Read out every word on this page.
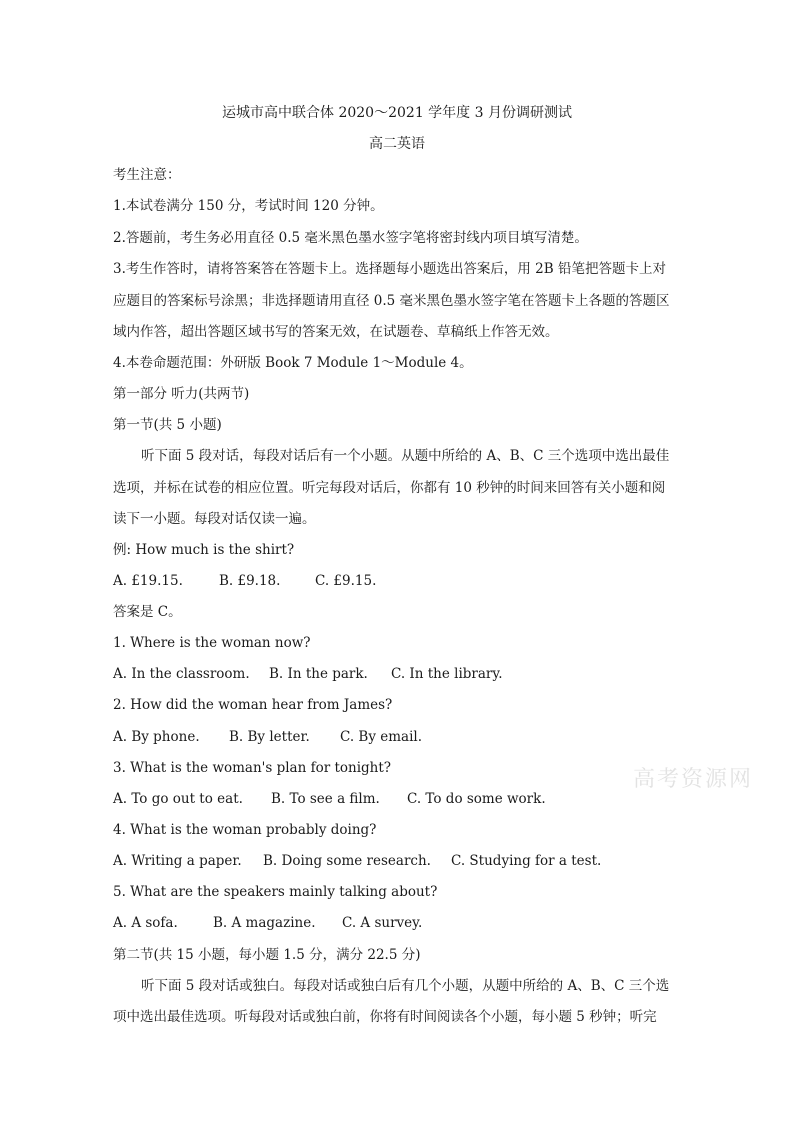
运城市高中联合体 2020～2021 学年度 3 月份调研测试
高二英语
考生注意：
1.本试卷满分 150 分，考试时间 120 分钟。
2.答题前，考生务必用直径 0.5 毫米黑色墨水签字笔将密封线内项目填写清楚。
3.考生作答时，请将答案答在答题卡上。选择题每小题选出答案后，用 2B 铅笔把答题卡上对
应题目的答案标号涂黑；非选择题请用直径 0.5 毫米黑色墨水签字笔在答题卡上各题的答题区
域内作答，超出答题区域书写的答案无效，在试题卷、草稿纸上作答无效。
4.本卷命题范围：外研版 Book 7 Module 1～Module 4。
第一部分 听力(共两节)
第一节(共 5 小题)
听下面 5 段对话，每段对话后有一个小题。从题中所给的 A、B、C 三个选项中选出最佳
选项，并标在试卷的相应位置。听完每段对话后，你都有 10 秒钟的时间来回答有关小题和阅
读下一小题。每段对话仅读一遍。
例: How much is the shirt?
A. £19.15.	B. £9.18.	C. £9.15.
答案是 C。
1. Where is the woman now?
A. In the classroom. B. In the park. C. In the library.
2. How did the woman hear from James?
A. By phone. B. By letter. C. By email.
3. What is the woman's plan for tonight?
A. To go out to eat. B. To see a film. C. To do some work.
4. What is the woman probably doing?
A. Writing a paper. B. Doing some research. C. Studying for a test.
5. What are the speakers mainly talking about?
A. A sofa.	B. A magazine. C. A survey.
第二节(共 15 小题，每小题 1.5 分，满分 22.5 分)
听下面 5 段对话或独白。每段对话或独白后有几个小题，从题中所给的 A、B、C 三个选
项中选出最佳选项。听每段对话或独白前，你将有时间阅读各个小题，每小题 5 秒钟；听完
高考资源网
